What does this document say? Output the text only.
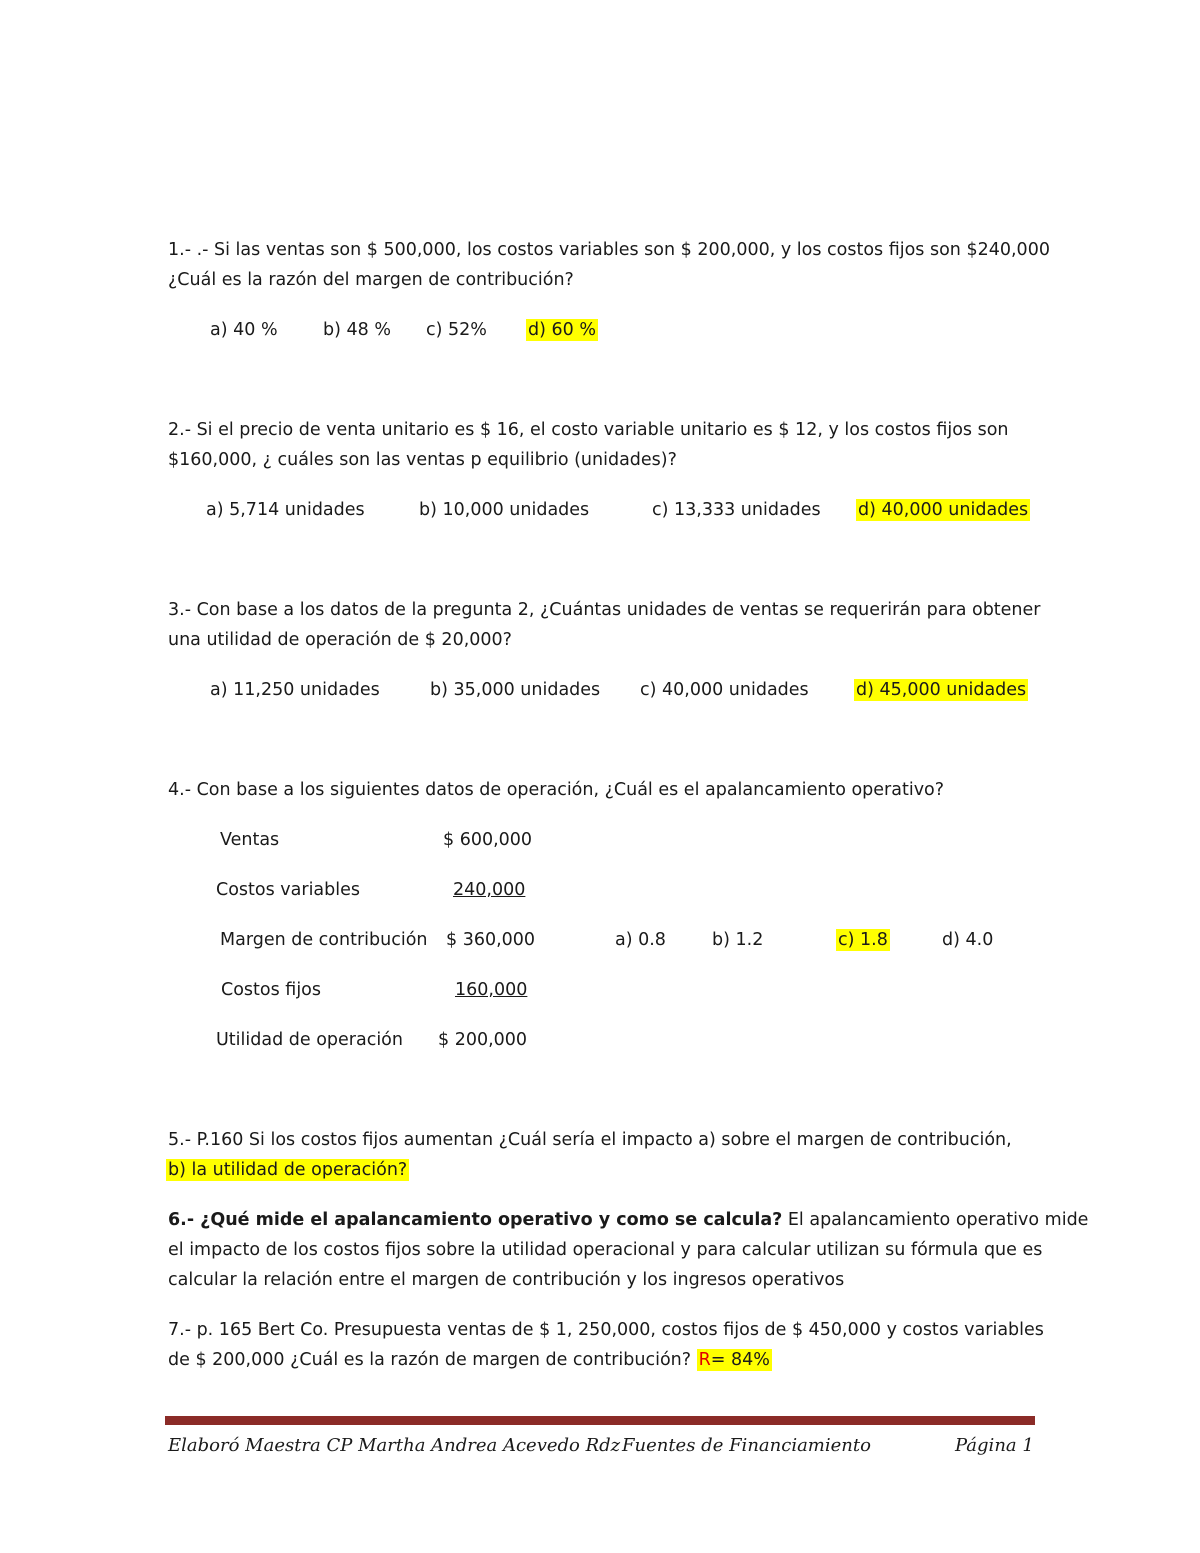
1.- .- Si las ventas son $ 500,000, los costos variables son $ 200,000, y los costos fijos son $240,000
¿Cuál es la razón del margen de contribución?
a) 40 %	b) 48 % c) 52% d) 60 %
2.- Si el precio de venta unitario es $ 16, el costo variable unitario es $ 12, y los costos fijos son
$160,000, ¿ cuáles son las ventas p equilibrio (unidades)?
a) 5,714 unidades	b) 10,000 unidades	c) 13,333 unidades d) 40,000 unidades
3.- Con base a los datos de la pregunta 2, ¿Cuántas unidades de ventas se requerirán para obtener
una utilidad de operación de $ 20,000?
a) 11,250 unidades	b) 35,000 unidades c) 40,000 unidades	d) 45,000 unidades
4.- Con base a los siguientes datos de operación, ¿Cuál es el apalancamiento operativo?
Ventas	$ 600,000
Costos variables	240,000
Margen de contribución $ 360,000
Costos fijos	160,000
Utilidad de operación $ 200,000
a) 0.8	b) 1.2	c) 1.8	d) 4.0
5.- P.160 Si los costos fijos aumentan ¿Cuál sería el impacto a) sobre el margen de contribución,
b) la utilidad de operación?
6.- ¿Qué mide el apalancamiento operativo y como se calcula? El apalancamiento operativo mide
el impacto de los costos fijos sobre la utilidad operacional y para calcular utilizan su fórmula que es
calcular la relación entre el margen de contribución y los ingresos operativos
7.- p. 165 Bert Co. Presupuesta ventas de $ 1, 250,000, costos fijos de $ 450,000 y costos variables
de $ 200,000 ¿Cuál es la razón de margen de contribución? R= 84%
Elaboró Maestra CP Martha Andrea Acevedo Rdz Fuentes de Financiamiento	Página 1
